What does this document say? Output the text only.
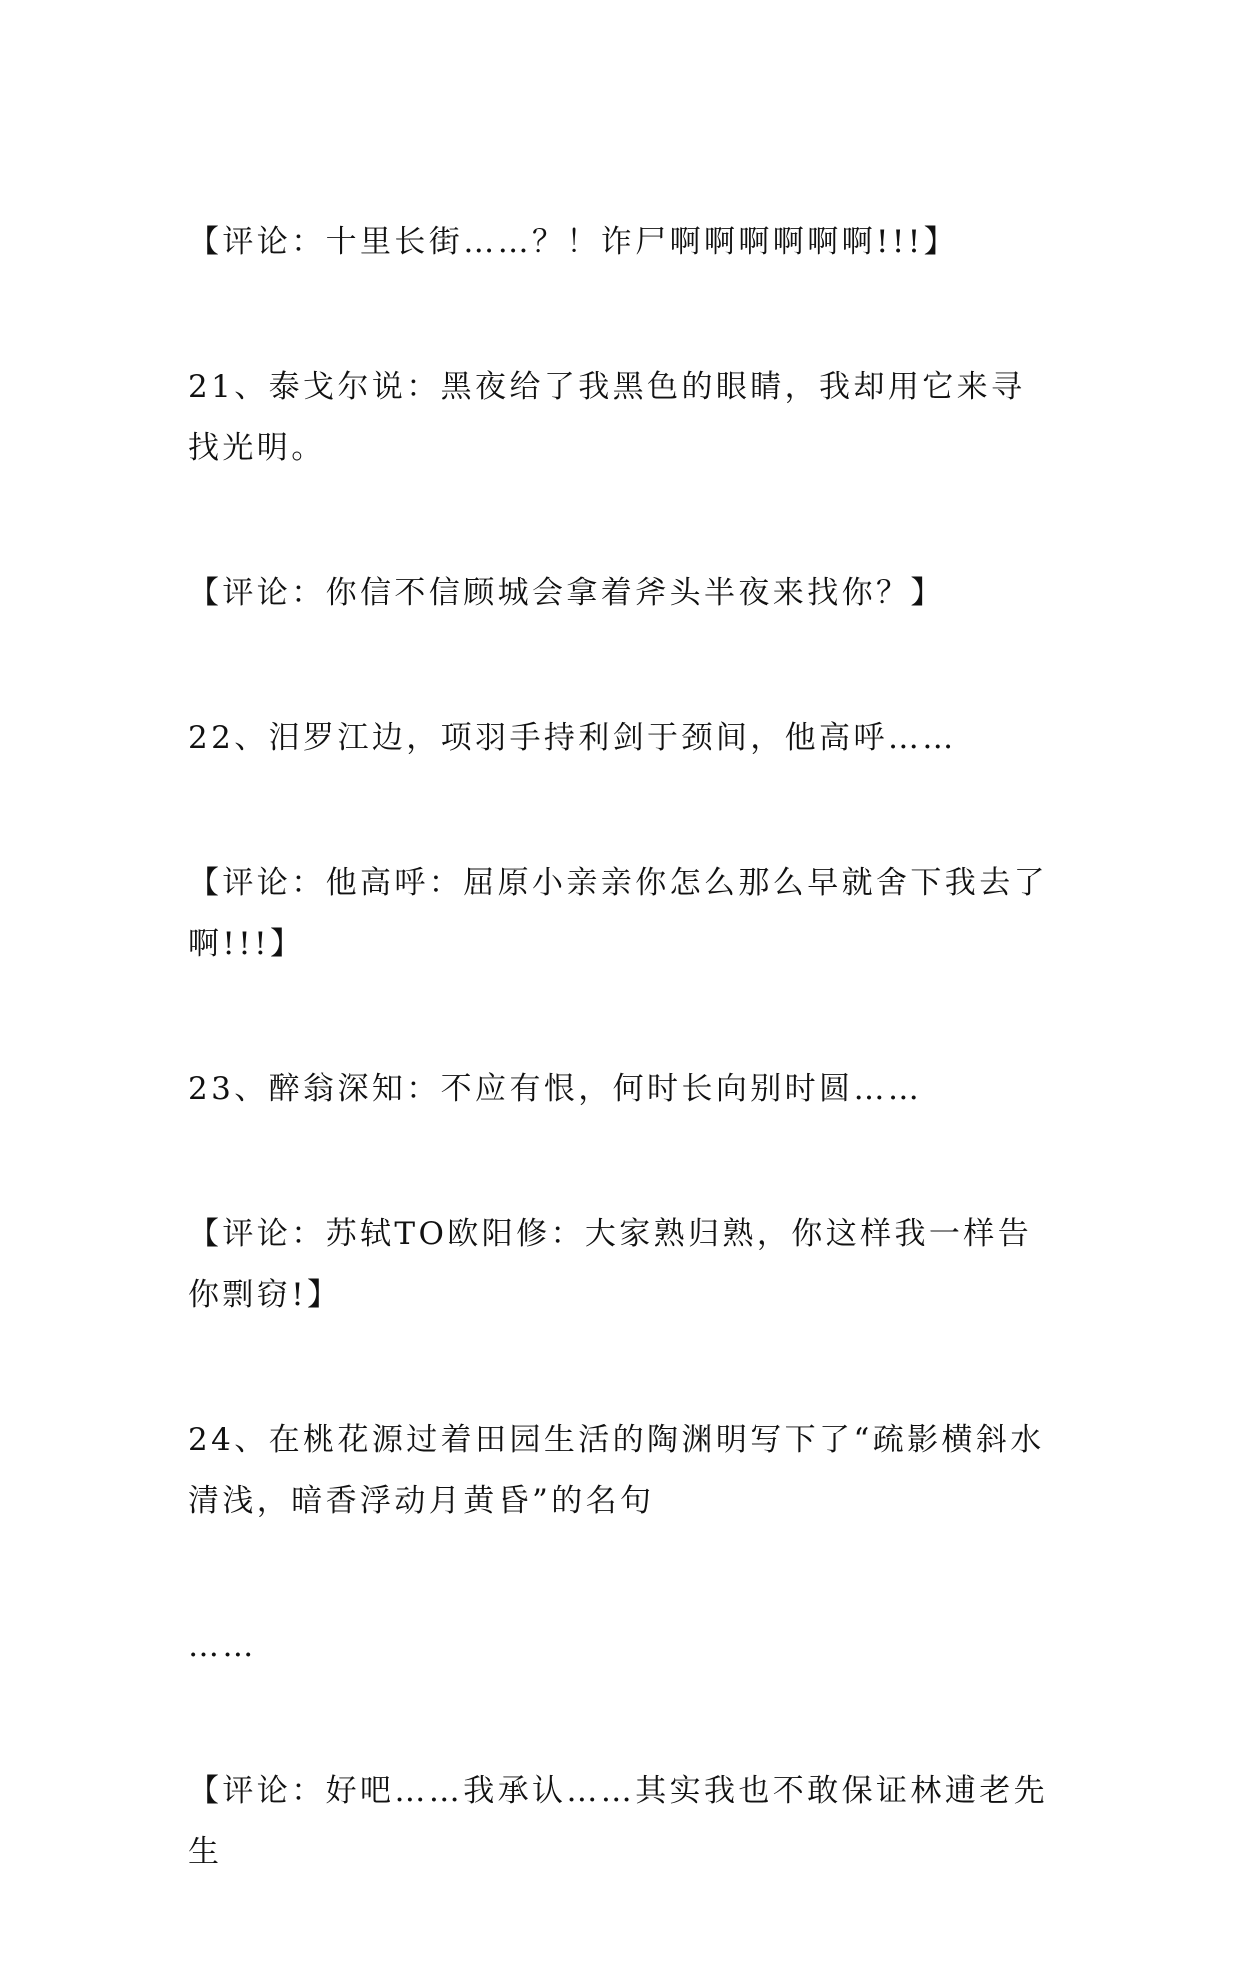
【评论：十里长街……？！诈尸啊啊啊啊啊啊!!!】

21、泰戈尔说：黑夜给了我黑色的眼睛，我却用它来寻找光明。

【评论：你信不信顾城会拿着斧头半夜来找你？】

22、汨罗江边，项羽手持利剑于颈间，他高呼……

【评论：他高呼：屈原小亲亲你怎么那么早就舍下我去了啊!!!】

23、醉翁深知：不应有恨，何时长向别时圆……

【评论：苏轼TO欧阳修：大家熟归熟，你这样我一样告你剽窃!】

24、在桃花源过着田园生活的陶渊明写下了“疏影横斜水清浅，暗香浮动月黄昏”的名句

……

【评论：好吧……我承认……其实我也不敢保证林逋老先生
